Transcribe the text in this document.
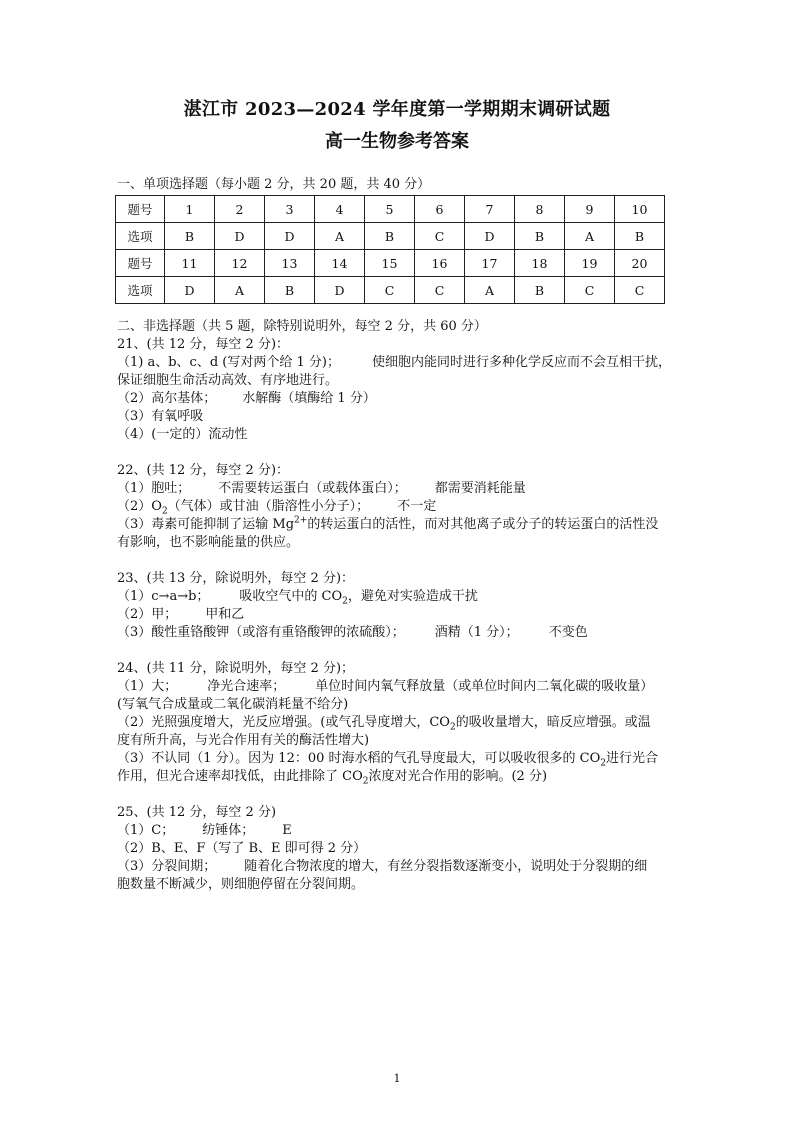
湛江市 2023—2024 学年度第一学期期末调研试题
高一生物参考答案
一、单项选择题（每小题 2 分，共 20 题，共 40 分）
题号	1	2	3	4	5	6	7	8	9	10
选项	B	D	D	A	B	C	D	B	A	B
题号	11	12	13	14	15	16	17	18	19	20
选项	D	A	B	D	C	C	A	B	C	C

二、非选择题（共 5 题，除特别说明外，每空 2 分，共 60 分）

21、(共 12 分，每空 2 分)：

（1) a、b、c、d (写对两个给 1 分)； 使细胞内能同时进行多种化学反应而不会互相干扰，

保证细胞生命活动高效、有序地进行。

（2）高尔基体； 水解酶（填酶给 1 分）

（3）有氧呼吸

（4）(一定的）流动性

22、(共 12 分，每空 2 分)：

（1）胞吐； 不需要转运蛋白（或载体蛋白）； 都需要消耗能量

$(2)O_2$（气体）或甘油（脂溶性小分子）； 不一定

（3）毒素可能抑制了运输 $Mg^{2+}$的转运蛋白的活性，而对其他离子或分子的转运蛋白的活性没

有影响，也不影响能量的供应。

23、(共 13 分，除说明外，每空 2 分)：

（1）c→a→b； 吸收空气中的 $CO_2$，避免对实验造成干扰

（2）甲； 甲和乙

（3）酸性重铬酸钾（或溶有重铬酸钾的浓硫酸）； 酒精（1 分）； 不变色

24、(共 11 分，除说明外，每空 2 分)；

（1）大； 净光合速率； 单位时间内氧气释放量（或单位时间内二氧化碳的吸收量）

(写氧气合成量或二氧化碳消耗量不给分)

（2）光照强度增大，光反应增强。(或气孔导度增大，$CO_2$的吸收量增大，暗反应增强。或温

度有所升高，与光合作用有关的酶活性增大)

（3）不认同（1 分）。因为 12：00 时海水稻的气孔导度最大，可以吸收很多的 $CO_2$进行光合

作用，但光合速率却找低，由此排除了 $CO_2$浓度对光合作用的影响。(2 分)

25、(共 12 分，每空 2 分)

（1）C； 纺锤体； E

（2）B、E、F（写了 B、E 即可得 2 分）

（3）分裂间期； 随着化合物浓度的增大，有丝分裂指数逐渐变小，说明处于分裂期的细

胞数量不断减少，则细胞停留在分裂间期。

1
